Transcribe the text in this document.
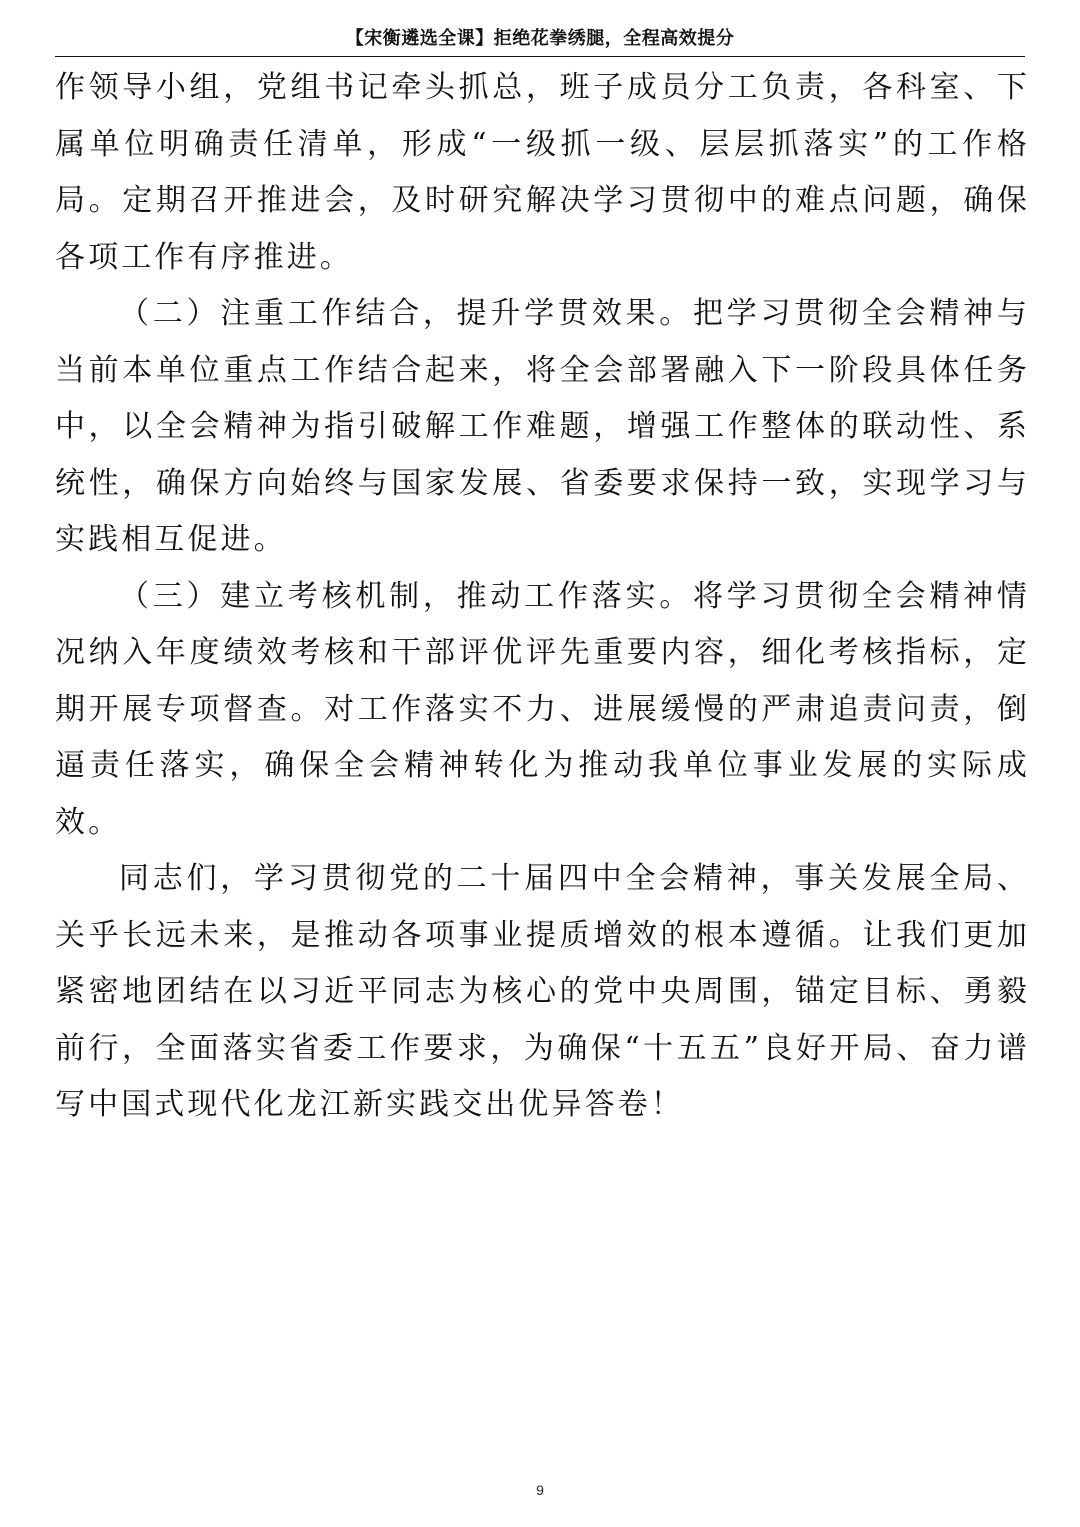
【宋衡遴选全课】拒绝花拳绣腿，全程高效提分

作领导小组，党组书记牵头抓总，班子成员分工负责，各科室、下属单位明确责任清单，形成“一级抓一级、层层抓落实”的工作格局。定期召开推进会，及时研究解决学习贯彻中的难点问题，确保各项工作有序推进。

（二）注重工作结合，提升学贯效果。把学习贯彻全会精神与当前本单位重点工作结合起来，将全会部署融入下一阶段具体任务中，以全会精神为指引破解工作难题，增强工作整体的联动性、系统性，确保方向始终与国家发展、省委要求保持一致，实现学习与实践相互促进。

（三）建立考核机制，推动工作落实。将学习贯彻全会精神情况纳入年度绩效考核和干部评优评先重要内容，细化考核指标，定期开展专项督查。对工作落实不力、进展缓慢的严肃追责问责，倒逼责任落实，确保全会精神转化为推动我单位事业发展的实际成效。

同志们，学习贯彻党的二十届四中全会精神，事关发展全局、关乎长远未来，是推动各项事业提质增效的根本遵循。让我们更加紧密地团结在以习近平同志为核心的党中央周围，锚定目标、勇毅前行，全面落实省委工作要求，为确保“十五五”良好开局、奋力谱写中国式现代化龙江新实践交出优异答卷！

9
